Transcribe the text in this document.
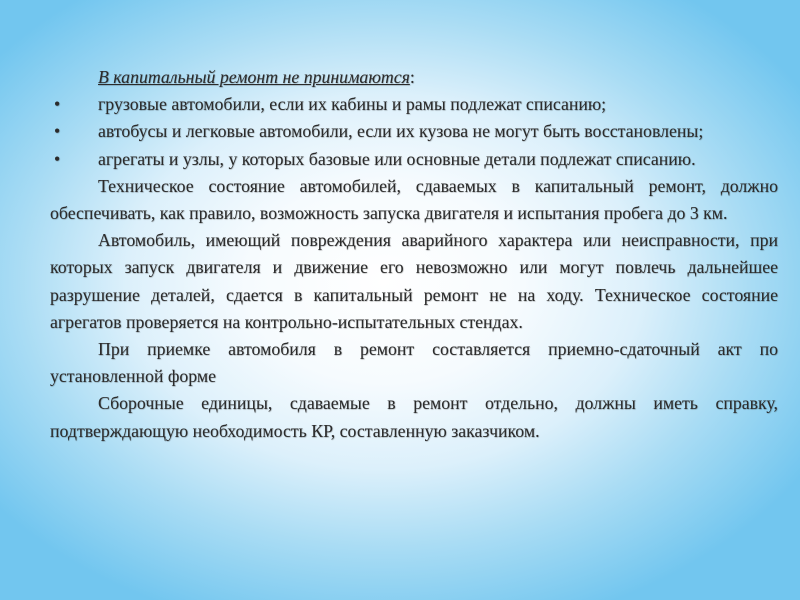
В капитальный ремонт не принимаются:

• грузовые автомобили, если их кабины и рамы подлежат списанию;

• автобусы и легковые автомобили, если их кузова не могут быть восстановлены;

• агрегаты и узлы, у которых базовые или основные детали подлежат списанию.

Техническое состояние автомобилей, сдаваемых в капитальный ремонт, должно обеспечивать, как правило, возможность запуска двигателя и испытания пробега до 3 км.

Автомобиль, имеющий повреждения аварийного характера или неисправности, при которых запуск двигателя и движение его невозможно или могут повлечь дальнейшее разрушение деталей, сдается в капитальный ремонт не на ходу. Техническое состояние агрегатов проверяется на контрольно-испытательных стендах.

При приемке автомобиля в ремонт составляется приемно-сдаточный акт по установленной форме

Сборочные единицы, сдаваемые в ремонт отдельно, должны иметь справку, подтверждающую необходимость КР, составленную заказчиком.
